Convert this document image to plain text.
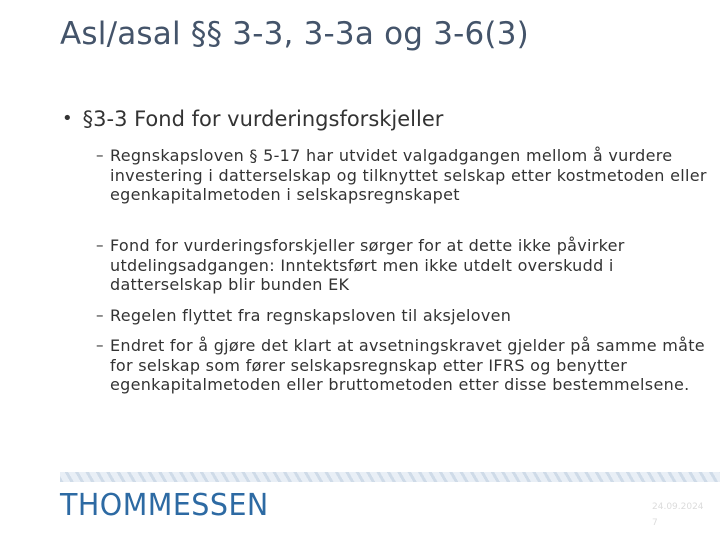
Asl/asal §§ 3-3, 3-3a og 3-6(3)
• §3-3 Fond for vurderingsforskjeller
– Regnskapsloven § 5-17 har utvidet valgadgangen mellom å vurdere investering i datterselskap og tilknyttet selskap etter kostmetoden eller egenkapitalmetoden i selskapsregnskapet
– Fond for vurderingsforskjeller sørger for at dette ikke påvirker utdelingsadgangen: Inntektsført men ikke utdelt overskudd i datterselskap blir bunden EK
– Regelen flyttet fra regnskapsloven til aksjeloven
– Endret for å gjøre det klart at avsetningskravet gjelder på samme måte for selskap som fører selskapsregnskap etter IFRS og benytter egenkapitalmetoden eller bruttometoden etter disse bestemmelsene.
THOMMESSEN	24.09.2024
7
